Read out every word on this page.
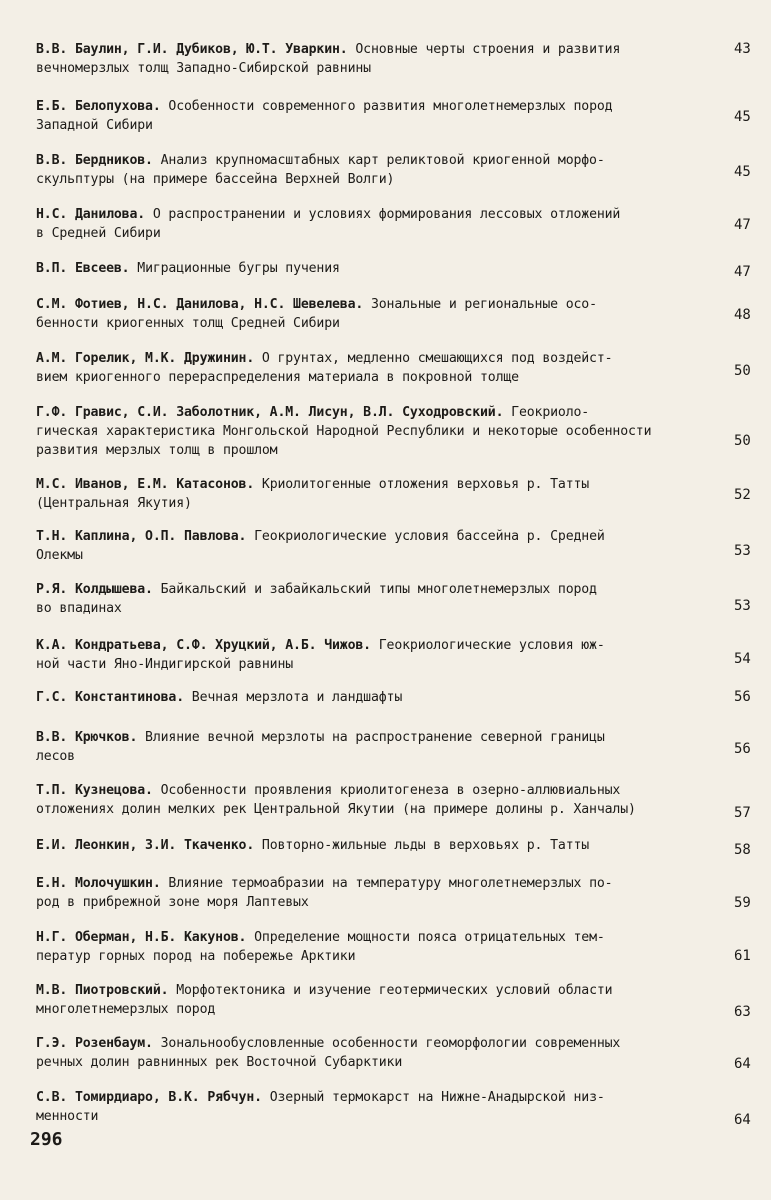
В.В. Баулин, Г.И. Дубиков, Ю.Т. Уваркин. Основные черты строения и развития
вечномерзлых толщ Западно-Сибирской равнины
43
Е.Б. Белопухова. Особенности современного развития многолетнемерзлых пород
Западной Сибири
45
В.В. Бердников. Анализ крупномасштабных карт реликтовой криогенной морфо-
скульптуры (на примере бассейна Верхней Волги)	45
Н.С. Данилова. О распространении и условиях формирования лессовых отложений
в Средней Сибири
47
В.П. Евсеев. Миграционные бугры пучения	47
С.М. Фотиев, Н.С. Данилова, Н.С. Шевелева. Зональные и региональные осо-
бенности криогенных толщ Средней Сибири
48
А.М. Горелик, М.К. Дружинин. О грунтах, медленно смешающихся под воздейст-
вием криогенного перераспределения материала в покровной толще	50
Г.Ф. Гравис, С.И. Заболотник, А.М. Лисун, В.Л. Суходровский. Геокриоло-
гическая характеристика Монгольской Народной Республики и некоторые особенности
развития мерзлых толщ в прошлом
50
М.С. Иванов, Е.М. Катасонов. Криолитогенные отложения верховья р. Татты
(Центральная Якутия)
52
Т.Н. Каплина, О.П. Павлова. Геокриологические условия бассейна р. Средней
Олекмы	53
Р.Я. Колдышева. Байкальский и забайкальский типы многолетнемерзлых пород
во впадинах	53
К.А. Кондратьева, С.Ф. Хруцкий, А.Б. Чижов. Геокриологические условия юж-
ной части Яно-Индигирской равнины	54
Г.С. Константинова. Вечная мерзлота и ландшафты	56
В.В. Крючков. Влияние вечной мерзлоты на распространение северной границы
лесов	56
Т.П. Кузнецова. Особенности проявления криолитогенеза в озерно-аллювиальных
отложениях долин мелких рек Центральной Якутии (на примере долины р. Ханчалы)	57
Е.И. Леонкин, З.И. Ткаченко. Повторно-жильные льды в верховьях р. Татты	58
Е.Н. Молочушкин. Влияние термоабразии на температуру многолетнемерзлых по-
род в прибрежной зоне моря Лаптевых	59
Н.Г. Оберман, Н.Б. Какунов. Определение мощности пояса отрицательных тем-
ператур горных пород на побережье Арктики	61
М.В. Пиотровский. Морфотектоника и изучение геотермических условий области
многолетнемерзлых пород	63
Г.Э. Розенбаум. Зональнообусловленные особенности геоморфологии современных
речных долин равнинных рек Восточной Субарктики	64
С.В. Томирдиаро, В.К. Рябчун. Озерный термокарст на Нижне-Анадырской низ-
менности	64
296
